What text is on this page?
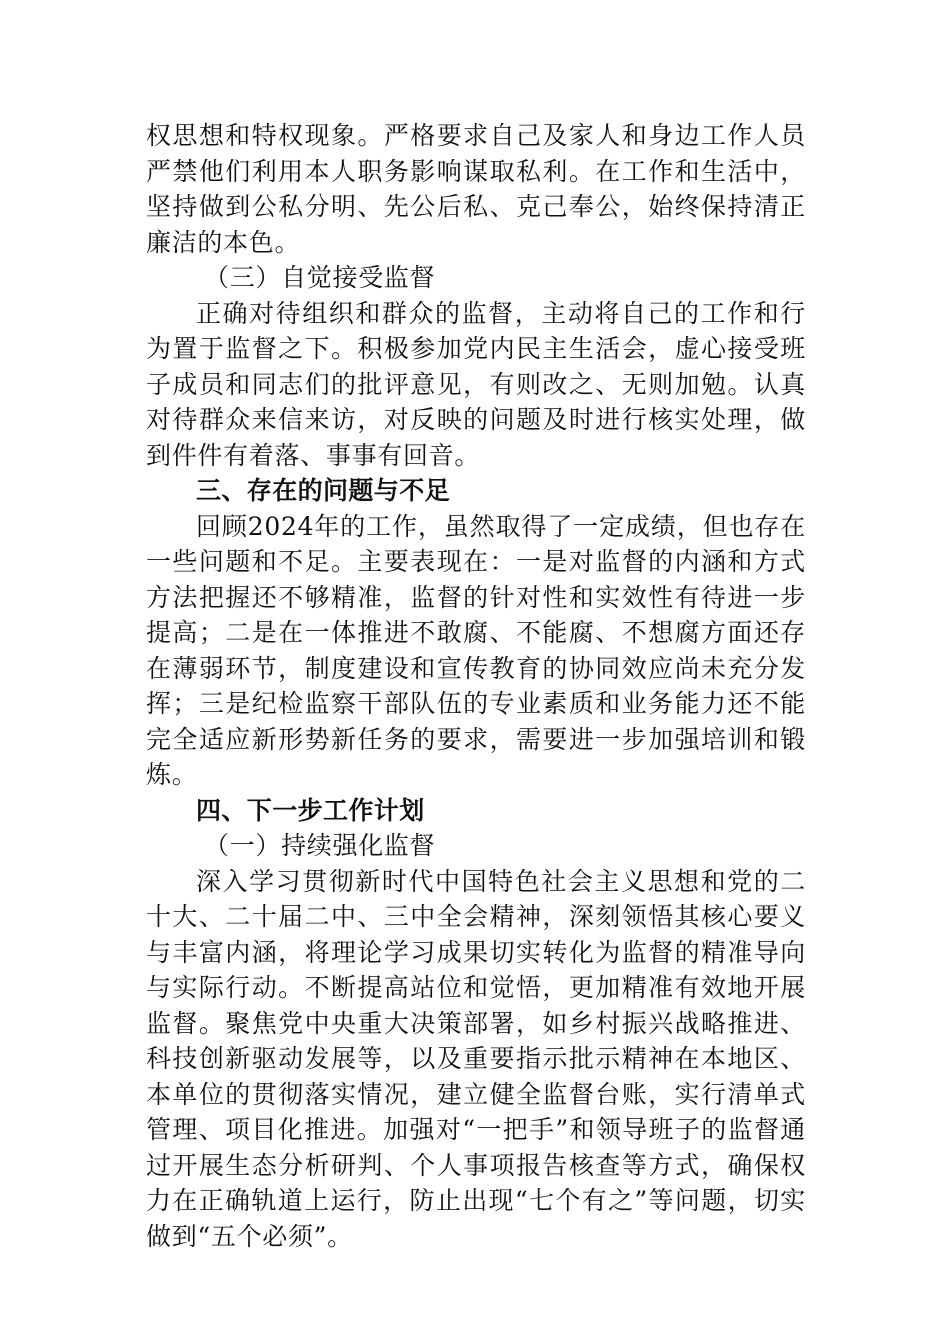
权思想和特权现象。严格要求自己及家人和身边工作人员严禁他们利用本人职务影响谋取私利。在工作和生活中，坚持做到公私分明、先公后私、克己奉公，始终保持清正廉洁的本色。

（三）自觉接受监督

正确对待组织和群众的监督，主动将自己的工作和行为置于监督之下。积极参加党内民主生活会，虚心接受班子成员和同志们的批评意见，有则改之、无则加勉。认真对待群众来信来访，对反映的问题及时进行核实处理，做到件件有着落、事事有回音。

三、存在的问题与不足

回顾2024年的工作，虽然取得了一定成绩，但也存在一些问题和不足。主要表现在：一是对监督的内涵和方式方法把握还不够精准，监督的针对性和实效性有待进一步提高；二是在一体推进不敢腐、不能腐、不想腐方面还存在薄弱环节，制度建设和宣传教育的协同效应尚未充分发挥；三是纪检监察干部队伍的专业素质和业务能力还不能完全适应新形势新任务的要求，需要进一步加强培训和锻炼。

四、下一步工作计划

（一）持续强化监督

深入学习贯彻新时代中国特色社会主义思想和党的二十大、二十届二中、三中全会精神，深刻领悟其核心要义与丰富内涵，将理论学习成果切实转化为监督的精准导向与实际行动。不断提高站位和觉悟，更加精准有效地开展监督。聚焦党中央重大决策部署，如乡村振兴战略推进、科技创新驱动发展等，以及重要指示批示精神在本地区、本单位的贯彻落实情况，建立健全监督台账，实行清单式管理、项目化推进。加强对“一把手”和领导班子的监督通过开展生态分析研判、个人事项报告核查等方式，确保权力在正确轨道上运行，防止出现“七个有之”等问题，切实做到“五个必须”。
